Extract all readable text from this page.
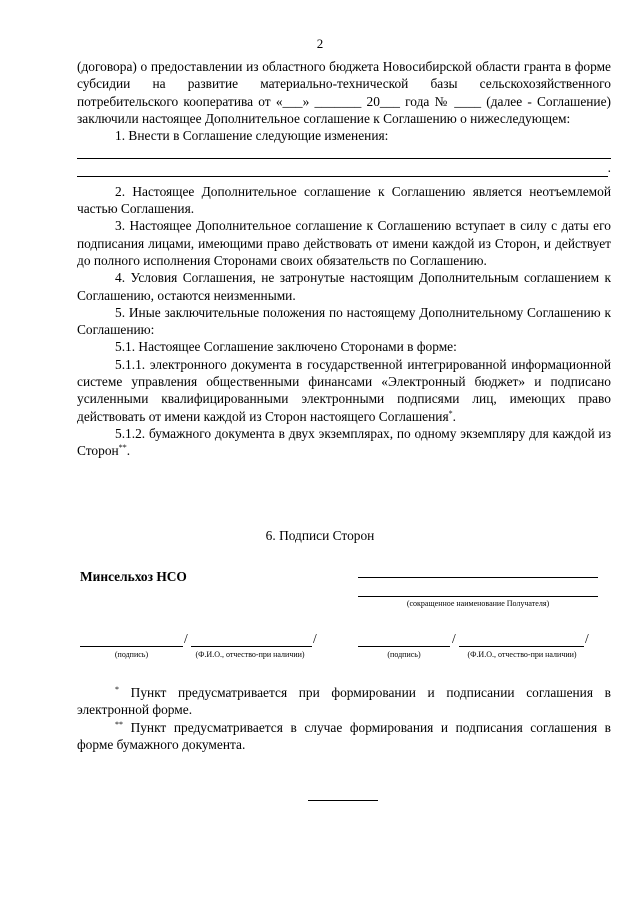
2

(договора) о предоставлении из областного бюджета Новосибирской области гранта в форме субсидии на развитие материально-технической базы сельскохозяйственного потребительского кооператива от «___» _______ 20___ года № ____ (далее - Соглашение) заключили настоящее Дополнительное соглашение к Соглашению о нижеследующем:

1. Внести в Соглашение следующие изменения:

.

2. Настоящее Дополнительное соглашение к Соглашению является неотъемлемой частью Соглашения.

3. Настоящее Дополнительное соглашение к Соглашению вступает в силу с даты его подписания лицами, имеющими право действовать от имени каждой из Сторон, и действует до полного исполнения Сторонами своих обязательств по Соглашению.

4. Условия Соглашения, не затронутые настоящим Дополнительным соглашением к Соглашению, остаются неизменными.

5. Иные заключительные положения по настоящему Дополнительному Соглашению к Соглашению:

5.1. Настоящее Соглашение заключено Сторонами в форме:

5.1.1. электронного документа в государственной интегрированной информационной системе управления общественными финансами «Электронный бюджет» и подписано усиленными квалифицированными электронными подписями лиц, имеющих право действовать от имени каждой из Сторон настоящего Соглашения*.

5.1.2. бумажного документа в двух экземплярах, по одному экземпляру для каждой из Сторон**.

6. Подписи Сторон
Минсельхоз НСО
(сокращенное наименование Получателя)
/	/
(подпись)	(Ф.И.О., отчество-при наличии)
/	/
(подпись)	(Ф.И.О., отчество-при наличии)

* Пункт предусматривается при формировании и подписании соглашения в электронной форме.

** Пункт предусматривается в случае формирования и подписания соглашения в форме бумажного документа.
